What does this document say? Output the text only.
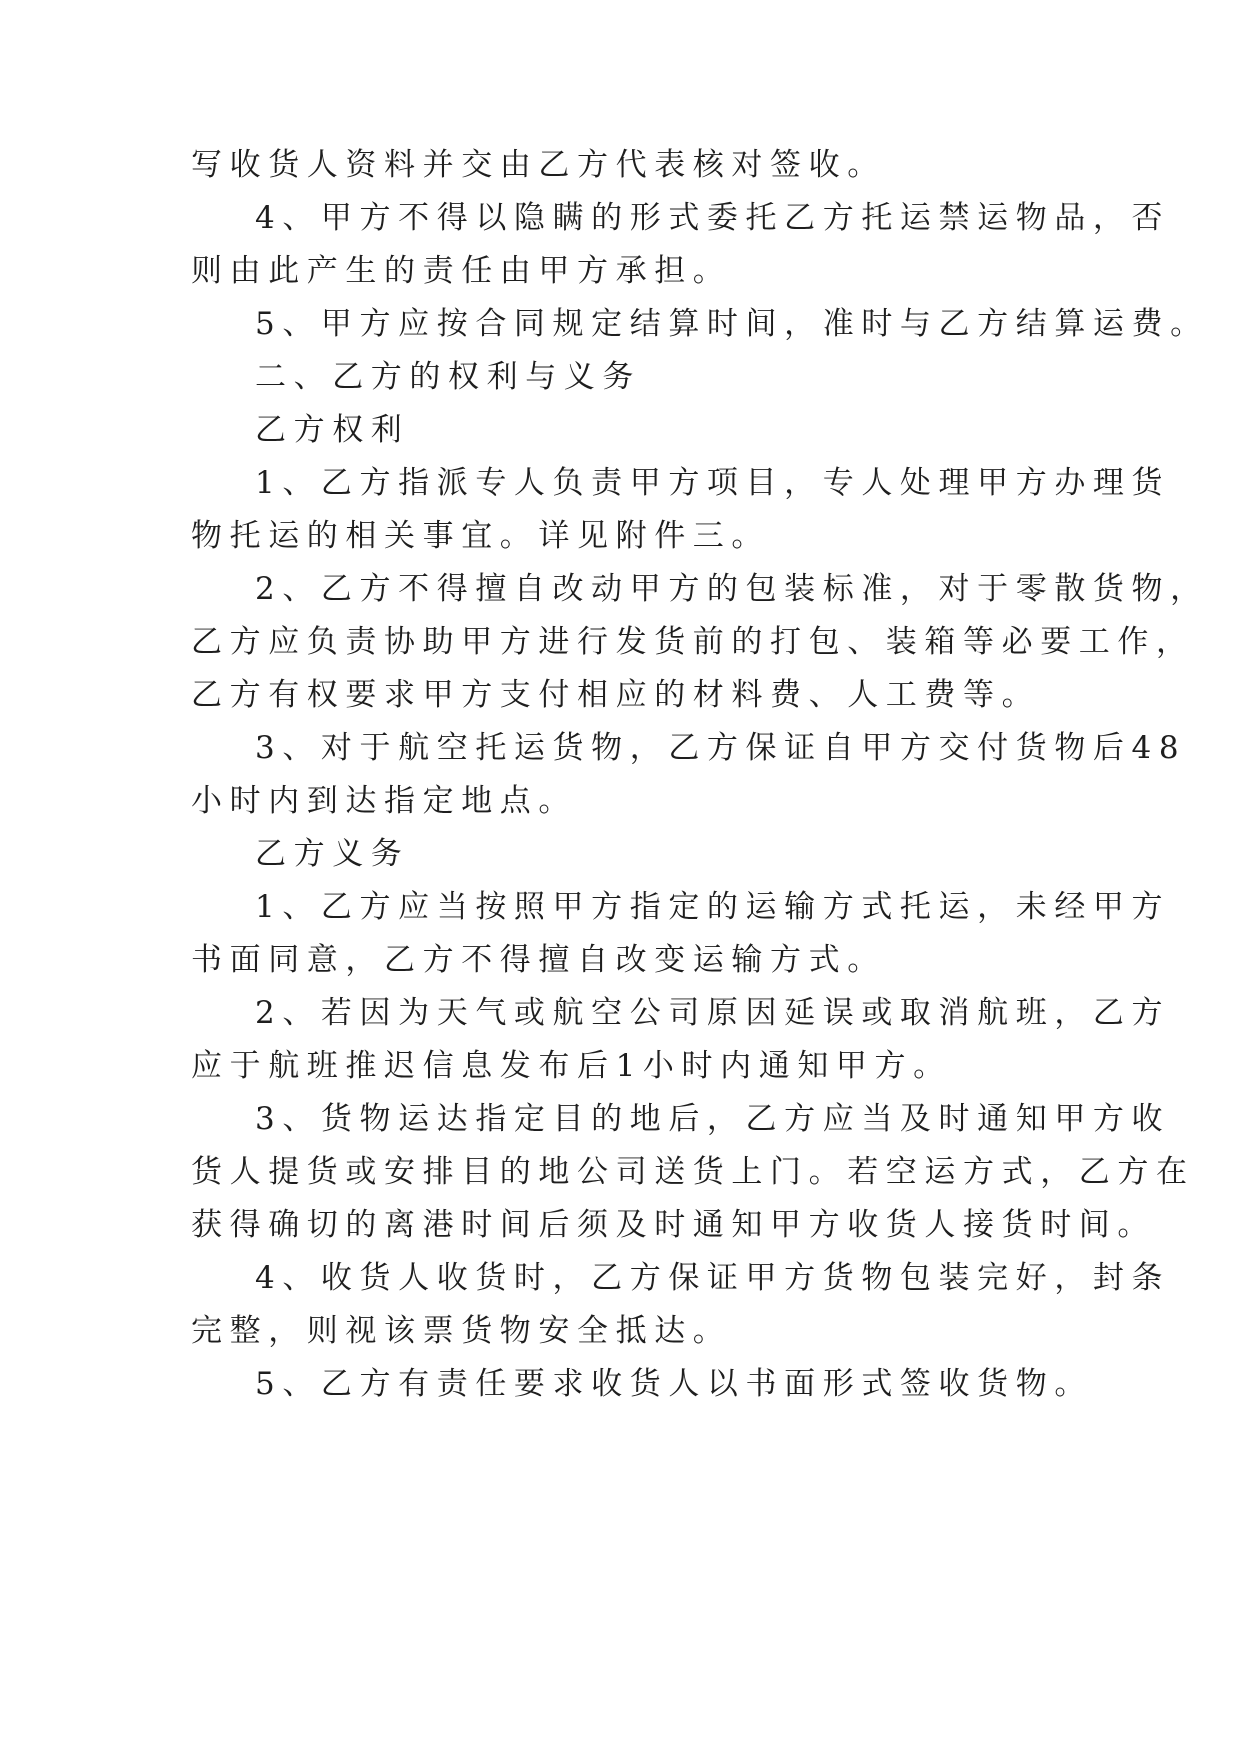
写收货人资料并交由乙方代表核对签收。
4、甲方不得以隐瞒的形式委托乙方托运禁运物品，否
则由此产生的责任由甲方承担。
5、甲方应按合同规定结算时间，准时与乙方结算运费。
二、乙方的权利与义务
乙方权利
1、乙方指派专人负责甲方项目，专人处理甲方办理货
物托运的相关事宜。详见附件三。
2、乙方不得擅自改动甲方的包装标准，对于零散货物，
乙方应负责协助甲方进行发货前的打包、装箱等必要工作，
乙方有权要求甲方支付相应的材料费、人工费等。
3、对于航空托运货物，乙方保证自甲方交付货物后48
小时内到达指定地点。
乙方义务
1、乙方应当按照甲方指定的运输方式托运，未经甲方
书面同意，乙方不得擅自改变运输方式。
2、若因为天气或航空公司原因延误或取消航班，乙方
应于航班推迟信息发布后1小时内通知甲方。
3、货物运达指定目的地后，乙方应当及时通知甲方收
货人提货或安排目的地公司送货上门。若空运方式，乙方在
获得确切的离港时间后须及时通知甲方收货人接货时间。
4、收货人收货时，乙方保证甲方货物包装完好，封条
完整，则视该票货物安全抵达。
5、乙方有责任要求收货人以书面形式签收货物。
